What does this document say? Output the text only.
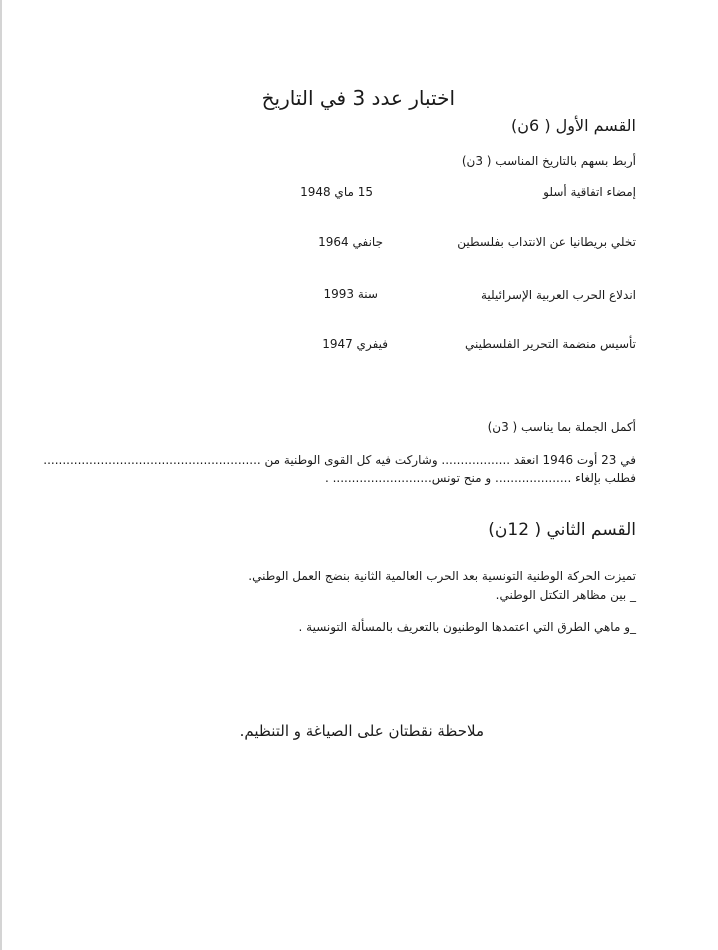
اختبار عدد 3 في التاريخ
القسم الأول ( 6ن)
أربط بسهم بالتاريخ المناسب ( 3ن)
إمضاء اتفاقية أسلو
تخلي بريطانيا عن الانتداب بفلسطين
اندلاع الحرب العربية الإسرائيلية
تأسيس منضمة التحرير الفلسطيني
15 ماي 1948
جانفي 1964
سنة 1993
فيفري 1947
أكمل الجملة بما يناسب ( 3ن)
في 23 أوت 1946 انعقد .................. وشاركت فيه كل القوى الوطنية من .........................................................
فطلب بإلغاء .................... و منح تونس.......................... .
القسم الثاني ( 12ن)
تميزت الحركة الوطنية التونسية بعد الحرب العالمية الثانية بنضج العمل الوطني.
_ بين مظاهر التكتل الوطني.
_و ماهي الطرق التي اعتمدها الوطنيون بالتعريف بالمسألة التونسية .
ملاحظة نقطتان على الصياغة و التنظيم.
